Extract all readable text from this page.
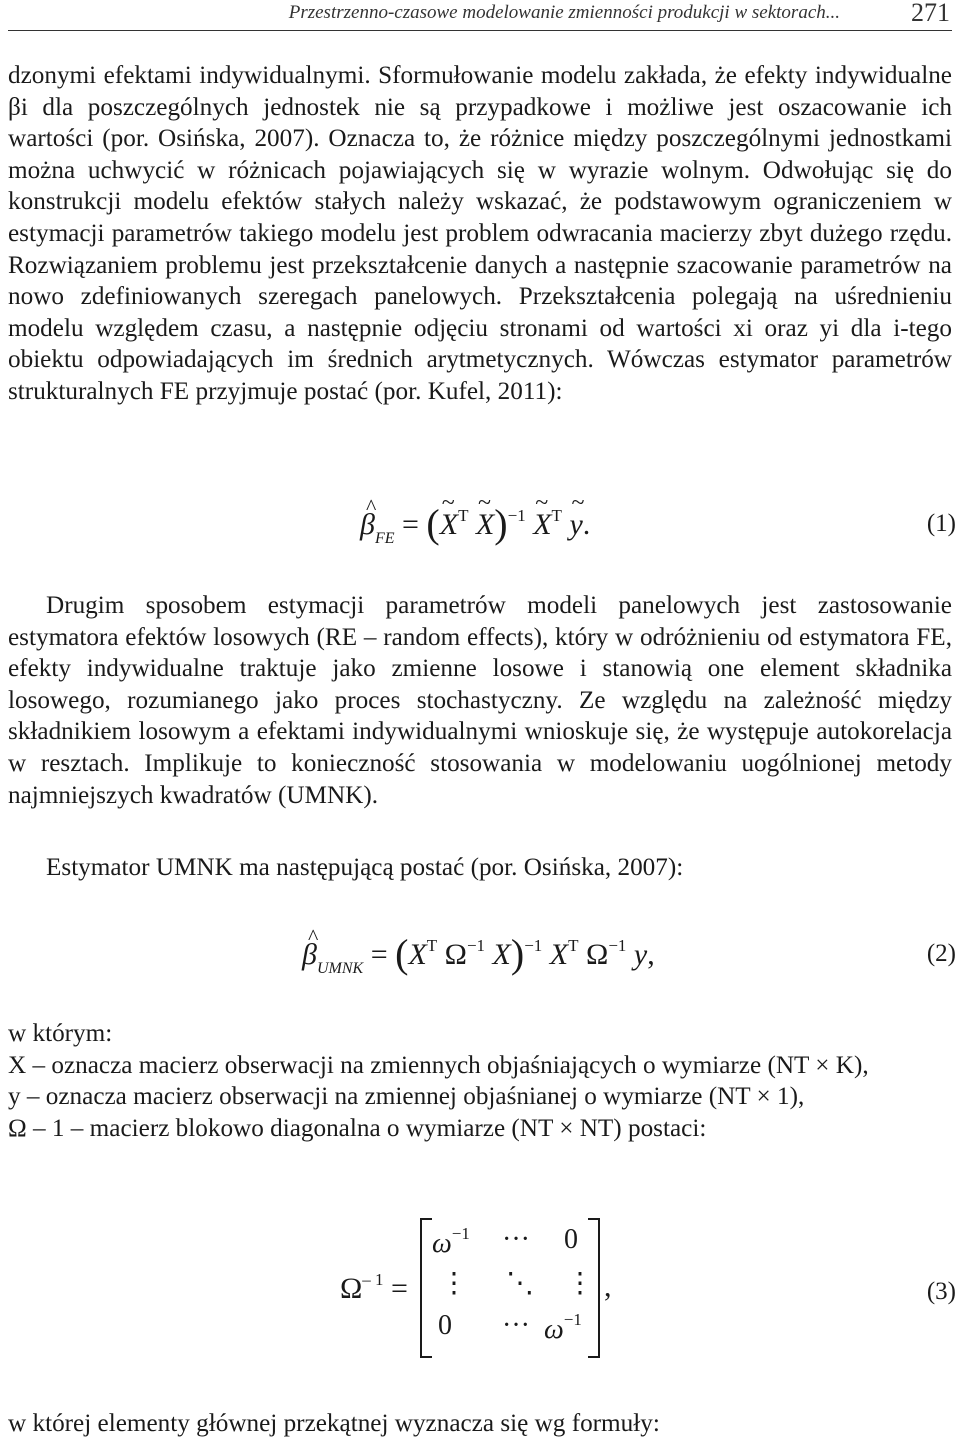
Przestrzenno-czasowe modelowanie zmienności produkcji w sektorach...	271

dzonymi efektami indywidualnymi. Sformułowanie modelu zakłada, że efekty indywidualne βi dla poszczególnych jednostek nie są przypadkowe i możliwe jest oszacowanie ich wartości (por. Osińska, 2007). Oznacza to, że różnice między poszczególnymi jednostkami można uchwycić w różnicach pojawiających się w wyrazie wolnym. Odwołując się do konstrukcji modelu efektów stałych należy wskazać, że podstawowym ograniczeniem w estymacji parametrów takiego modelu jest problem odwracania macierzy zbyt dużego rzędu. Rozwiązaniem problemu jest przekształcenie danych a następnie szacowanie parametrów na nowo zdefiniowanych szeregach panelowych. Przekształcenia polegają na uśrednieniu modelu względem czasu, a następnie odjęciu stronami od wartości xi oraz yi dla i-tego obiektu odpowiadających im średnich arytmetycznych. Wówczas estymator parametrów strukturalnych FE przyjmuje postać (por. Kufel, 2011):

^ $\beta_{FE}$ = (~ $X^T$ ~ X)$^{-1}$ ~ $X^T$ ~ y.	(1)

Drugim sposobem estymacji parametrów modeli panelowych jest zastosowanie estymatora efektów losowych (RE – random effects), który w odróżnieniu od estymatora FE, efekty indywidualne traktuje jako zmienne losowe i stanowią one element składnika losowego, rozumianego jako proces stochastyczny. Ze względu na zależność między składnikiem losowym a efektami indywidualnymi wnioskuje się, że występuje autokorelacja w resztach. Implikuje to konieczność stosowania w modelowaniu uogólnionej metody najmniejszych kwadratów (UMNK).

Estymator UMNK ma następującą postać (por. Osińska, 2007):

^ $\beta_{UMNK} = (X^T$ $\Omega^{-1}$ X)$^{-1}$ $X^T$ $\Omega^{-1}$ y,	(2)
w którym:
X – oznacza macierz obserwacji na zmiennych objaśniających o wymiarze (NT × K),
y – oznacza macierz obserwacji na zmiennej objaśnianej o wymiarze (NT × 1),
Ω – 1 – macierz blokowo diagonalna o wymiarze (NT × NT) postaci:
$\Omega^{- 1}$ =
$\omega^{-1}$ ··· 0
⋮ ⋱ ⋮
0 ··· $\omega^{-1}$
,	(3)

w której elementy głównej przekątnej wyznacza się wg formuły:
